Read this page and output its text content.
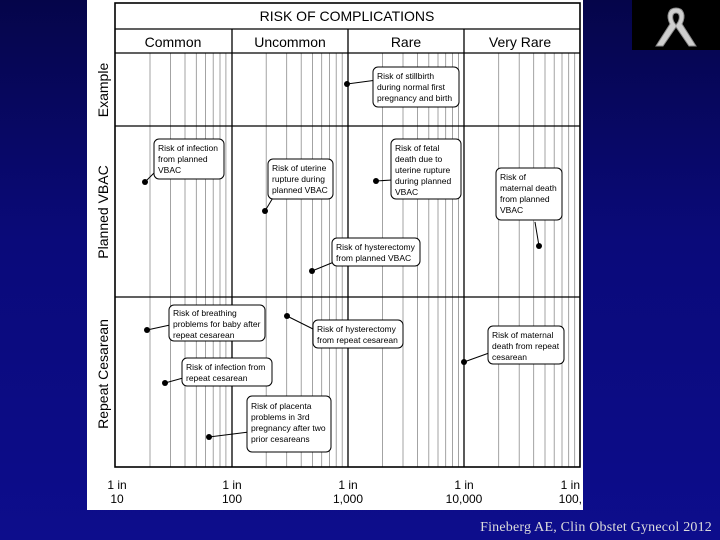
RISK OF COMPLICATIONS
Common	Uncommon	Rare	Very Rare
Example
Planned VBAC
Repeat Cesarean
1 in
10
1 in
100
1 in
1,000
1 in
10,000
1 in
100,
Risk of stillbirth
during normal first
pregnancy and birth
Risk of infection
from planned
VBAC	Risk of uterine
rupture during
planned VBAC
Risk of fetal
death due to
uterine rupture
during planned
VBAC
Risk of
maternal death
from planned
VBAC
Risk of hysterectomy
from planned VBAC
Risk of breathing
problems for baby after
repeat cesarean
Risk of hysterectomy
from repeat cesarean	Risk of maternal
death from repeat
cesarean
Risk of infection from
repeat cesarean
Risk of placenta
problems in 3rd
pregnancy after two
prior cesareans
Fineberg AE, Clin Obstet Gynecol 2012
